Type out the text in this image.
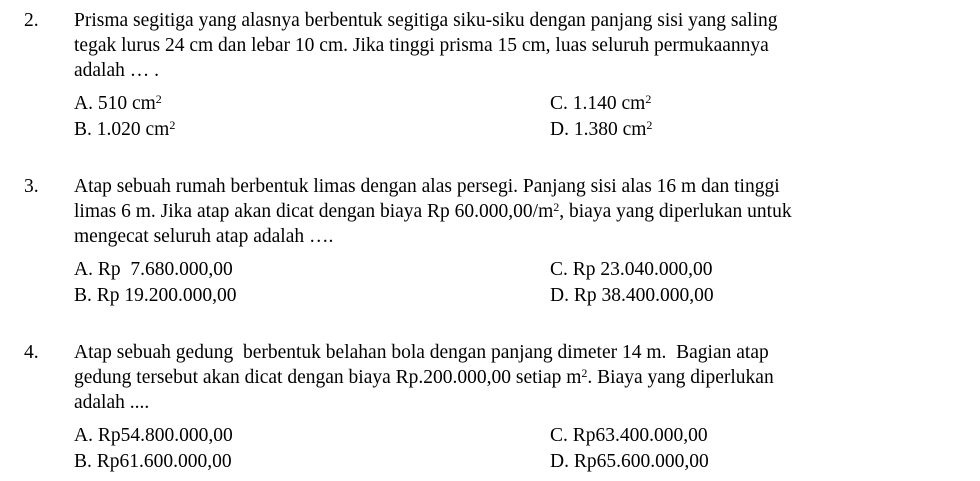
2. Prisma segitiga yang alasnya berbentuk segitiga siku-siku dengan panjang sisi yang saling
tegak lurus 24 cm dan lebar 10 cm. Jika tinggi prisma 15 cm, luas seluruh permukaannya
adalah … .
A. 510 $cm^2$
B. 1.020 $cm^2$
C. 1.140 $cm^2$
D. 1.380 $cm^2$
3. Atap sebuah rumah berbentuk limas dengan alas persegi. Panjang sisi alas 16 m dan tinggi
limas 6 m. Jika atap akan dicat dengan biaya Rp $60.000,00/m^2$, biaya yang diperlukan untuk
mengecat seluruh atap adalah ….
A. Rp  7.680.000,00
B. Rp 19.200.000,00
C. Rp 23.040.000,00
D. Rp 38.400.000,00
4. Atap sebuah gedung  berbentuk belahan bola dengan panjang dimeter 14 m.  Bagian atap
gedung tersebut akan dicat dengan biaya Rp.200.000,00 setiap $m^2$. Biaya yang diperlukan
adalah ....
A. Rp54.800.000,00
B. Rp61.600.000,00
C. Rp63.400.000,00
D. Rp65.600.000,00
